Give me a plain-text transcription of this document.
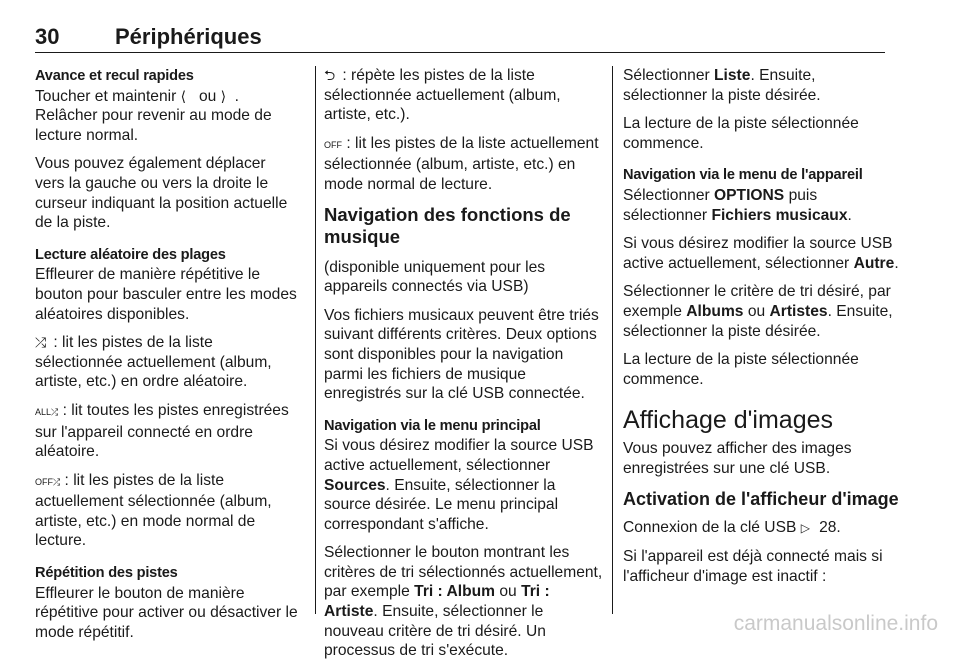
30	Périphériques

Avance et recul rapides
Toucher et maintenir ⟨ ou ⟩ . Relâcher pour revenir au mode de lecture normal.

Vous pouvez également déplacer vers la gauche ou vers la droite le curseur indiquant la position actuelle de la piste.

Lecture aléatoire des plages
Effleurer de manière répétitive le bouton pour basculer entre les modes aléatoires disponibles.

⤮ : lit les pistes de la liste sélectionnée actuellement (album, artiste, etc.) en ordre aléatoire.

ALL⤮ : lit toutes les pistes enregistrées sur l'appareil connecté en ordre aléatoire.

OFF⤮ : lit les pistes de la liste actuellement sélectionnée (album, artiste, etc.) en mode normal de lecture.

Répétition des pistes
Effleurer le bouton de manière répétitive pour activer ou désactiver le mode répétitif.

⮌ : répète les pistes de la liste sélectionnée actuellement (album, artiste, etc.).

OFF : lit les pistes de la liste actuellement sélectionnée (album, artiste, etc.) en mode normal de lecture.

Navigation des fonctions de musique

(disponible uniquement pour les appareils connectés via USB)

Vos fichiers musicaux peuvent être triés suivant différents critères. Deux options sont disponibles pour la navigation parmi les fichiers de musique enregistrés sur la clé USB connectée.

Navigation via le menu principal
Si vous désirez modifier la source USB active actuellement, sélectionner Sources. Ensuite, sélectionner la source désirée. Le menu principal correspondant s'affiche.

Sélectionner le bouton montrant les critères de tri sélectionnés actuellement, par exemple Tri : Album ou Tri : Artiste. Ensuite, sélectionner le nouveau critère de tri désiré. Un processus de tri s'exécute.

Sélectionner Liste. Ensuite, sélectionner la piste désirée.

La lecture de la piste sélectionnée commence.

Navigation via le menu de l'appareil
Sélectionner OPTIONS puis sélectionner Fichiers musicaux.

Si vous désirez modifier la source USB active actuellement, sélectionner Autre.

Sélectionner le critère de tri désiré, par exemple Albums ou Artistes. Ensuite, sélectionner la piste désirée.

La lecture de la piste sélectionnée commence.

Affichage d'images

Vous pouvez afficher des images enregistrées sur une clé USB.

Activation de l'afficheur d'image

Connexion de la clé USB ▷ 28.

Si l'appareil est déjà connecté mais si l'afficheur d'image est inactif :

carmanualsonline.info
